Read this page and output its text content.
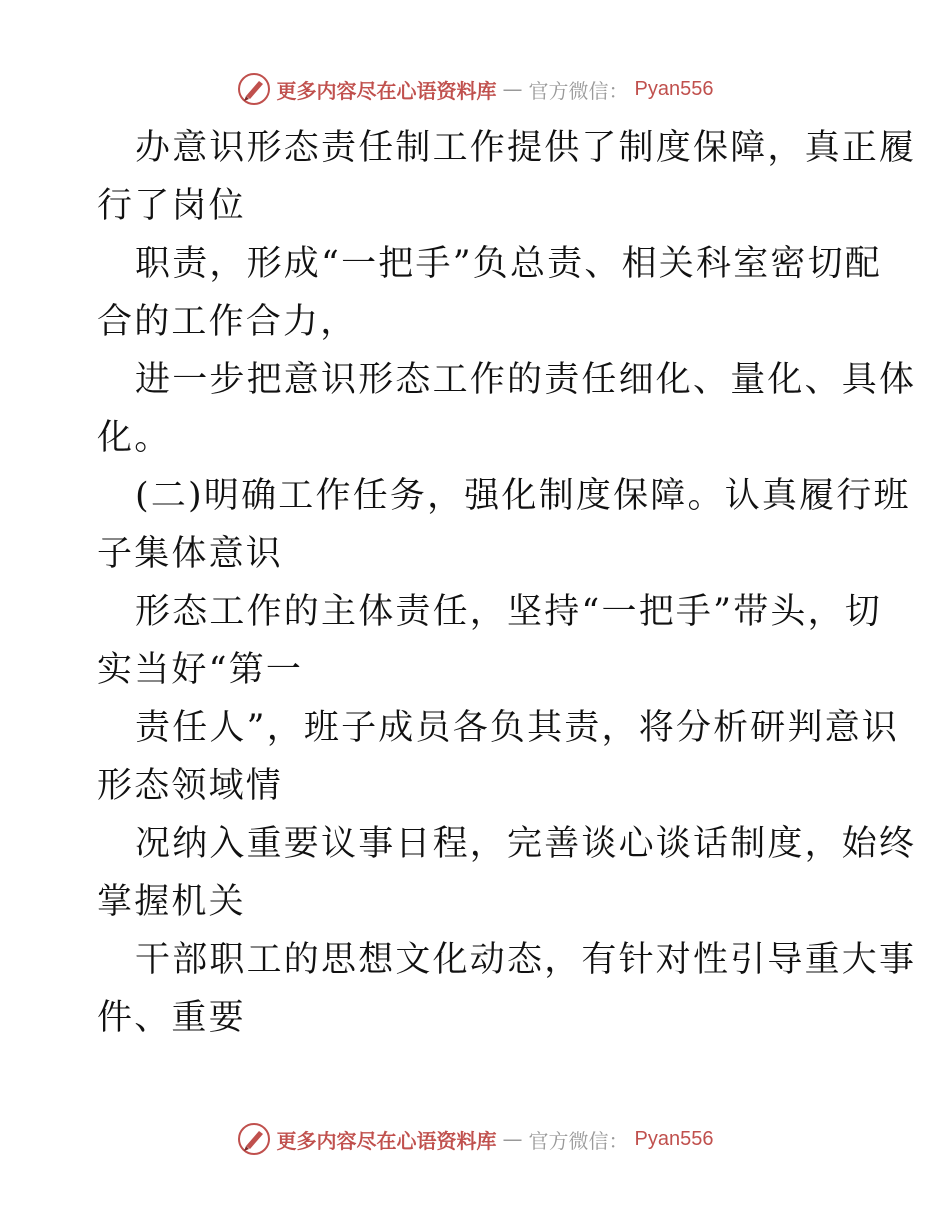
更多内容尽在心语资料库 — 官方微信： Pyan556
办意识形态责任制工作提供了制度保障，真正履
行了岗位
职责，形成“一把手”负总责、相关科室密切配
合的工作合力，
进一步把意识形态工作的责任细化、量化、具体
化。
(二)明确工作任务，强化制度保障。认真履行班
子集体意识
形态工作的主体责任，坚持“一把手”带头，切
实当好“第一
责任人”，班子成员各负其责，将分析研判意识
形态领域情
况纳入重要议事日程，完善谈心谈话制度，始终
掌握机关
干部职工的思想文化动态，有针对性引导重大事
件、重要
更多内容尽在心语资料库 — 官方微信： Pyan556
